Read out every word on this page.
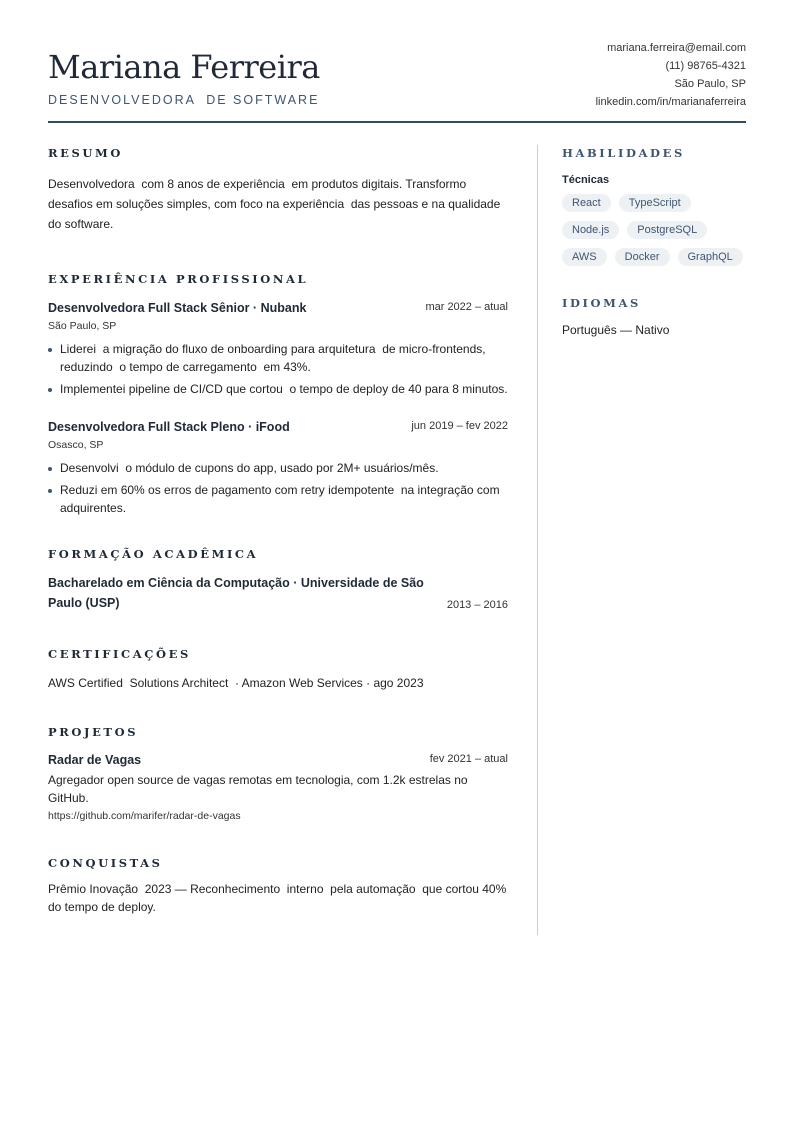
Mariana Ferreira
DESENVOLVEDORA  DE SOFTWARE
mariana.ferreira@email.com
(11) 98765-4321
São Paulo, SP
linkedin.com/in/marianaferreira
RESUMO

Desenvolvedora  com 8 anos de experiência  em produtos digitais. Transformo desafios em soluções simples, com foco na experiência  das pessoas e na qualidade do software.

EXPERIÊNCIA PROFISSIONAL
Desenvolvedora Full Stack Sênior · Nubank	mar 2022 – atual
São Paulo, SP
Liderei  a migração do fluxo de onboarding para arquitetura  de micro-frontends, reduzindo  o tempo de carregamento  em 43%.
Implementei pipeline de CI/CD que cortou  o tempo de deploy de 40 para 8 minutos.
Desenvolvedora Full Stack Pleno · iFood	jun 2019 – fev 2022
Osasco, SP
Desenvolvi  o módulo de cupons do app, usado por 2M+ usuários/mês.
Reduzi em 60% os erros de pagamento com retry idempotente  na integração com adquirentes.
FORMAÇÃO ACADÊMICA
Bacharelado em Ciência da Computação · Universidade de São Paulo (USP)	2013 – 2016
CERTIFICAÇÕES

AWS Certified  Solutions Architect  · Amazon Web Services · ago 2023

PROJETOS
Radar de Vagas	fev 2021 – atual

Agregador open source de vagas remotas em tecnologia, com 1.2k estrelas no GitHub.

https://github.com/marifer/radar-de-vagas
CONQUISTAS

Prêmio Inovação  2023 — Reconhecimento  interno  pela automação  que cortou 40% do tempo de deploy.

HABILIDADES
Técnicas
React	TypeScript
Node.js	PostgreSQL
AWS	Docker	GraphQL
IDIOMAS
Português — Nativo
